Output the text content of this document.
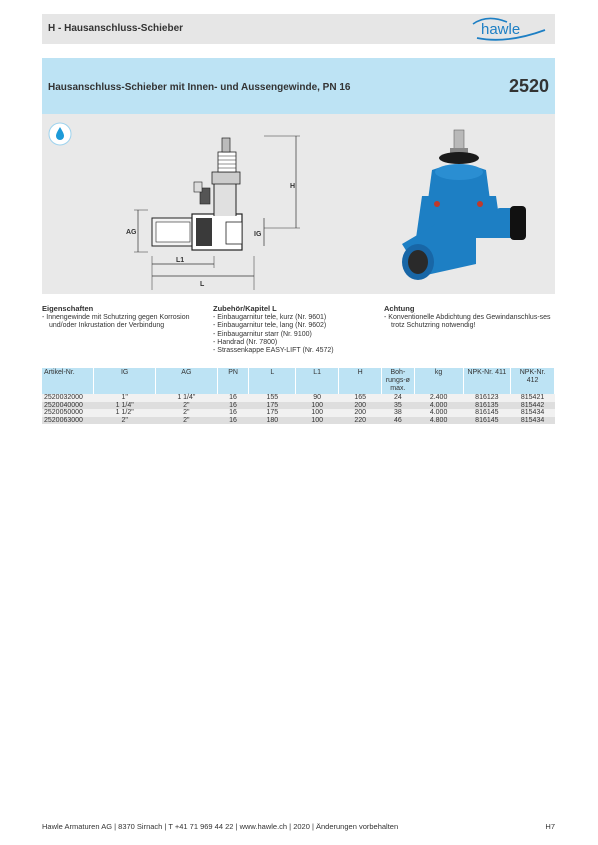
H - Hausanschluss-Schieber	hawle
Hausanschluss-Schieber mit Innen- und Aussengewinde, PN 16	2520
AG
H
IG
L1
L
Eigenschaften
- Innengewinde mit Schutzring gegen Korrosion und/oder Inkrustation der Verbindung
Zubehör/Kapitel L
- Einbaugarnitur tele, kurz (Nr. 9601)
- Einbaugarnitur tele, lang (Nr. 9602)
- Einbaugarnitur starr (Nr. 9100)
- Handrad (Nr. 7800)
- Strassenkappe EASY-LIFT (Nr. 4572)
Achtung
- Konventionelle Abdichtung des Gewindanschlus-ses trotz Schutzring notwendig!
Artikel-Nr.	IG	AG	PN	L	L1	H	Boh-rungs-ø max.	kg	NPK-Nr. 411	NPK-Nr. 412
2520032000	1"	1 1/4"	16	155	90	165	24	2.400	816123	815421
2520040000	1 1/4"	2"	16	175	100	200	35	4.000	816135	815442
2520050000	1 1/2"	2"	16	175	100	200	38	4.000	816145	815434
2520063000	2"	2"	16	180	100	220	46	4.800	816145	815434
Hawle Armaturen AG | 8370 Sirnach | T +41 71 969 44 22 | www.hawle.ch | 2020 | Änderungen vorbehalten	H7
